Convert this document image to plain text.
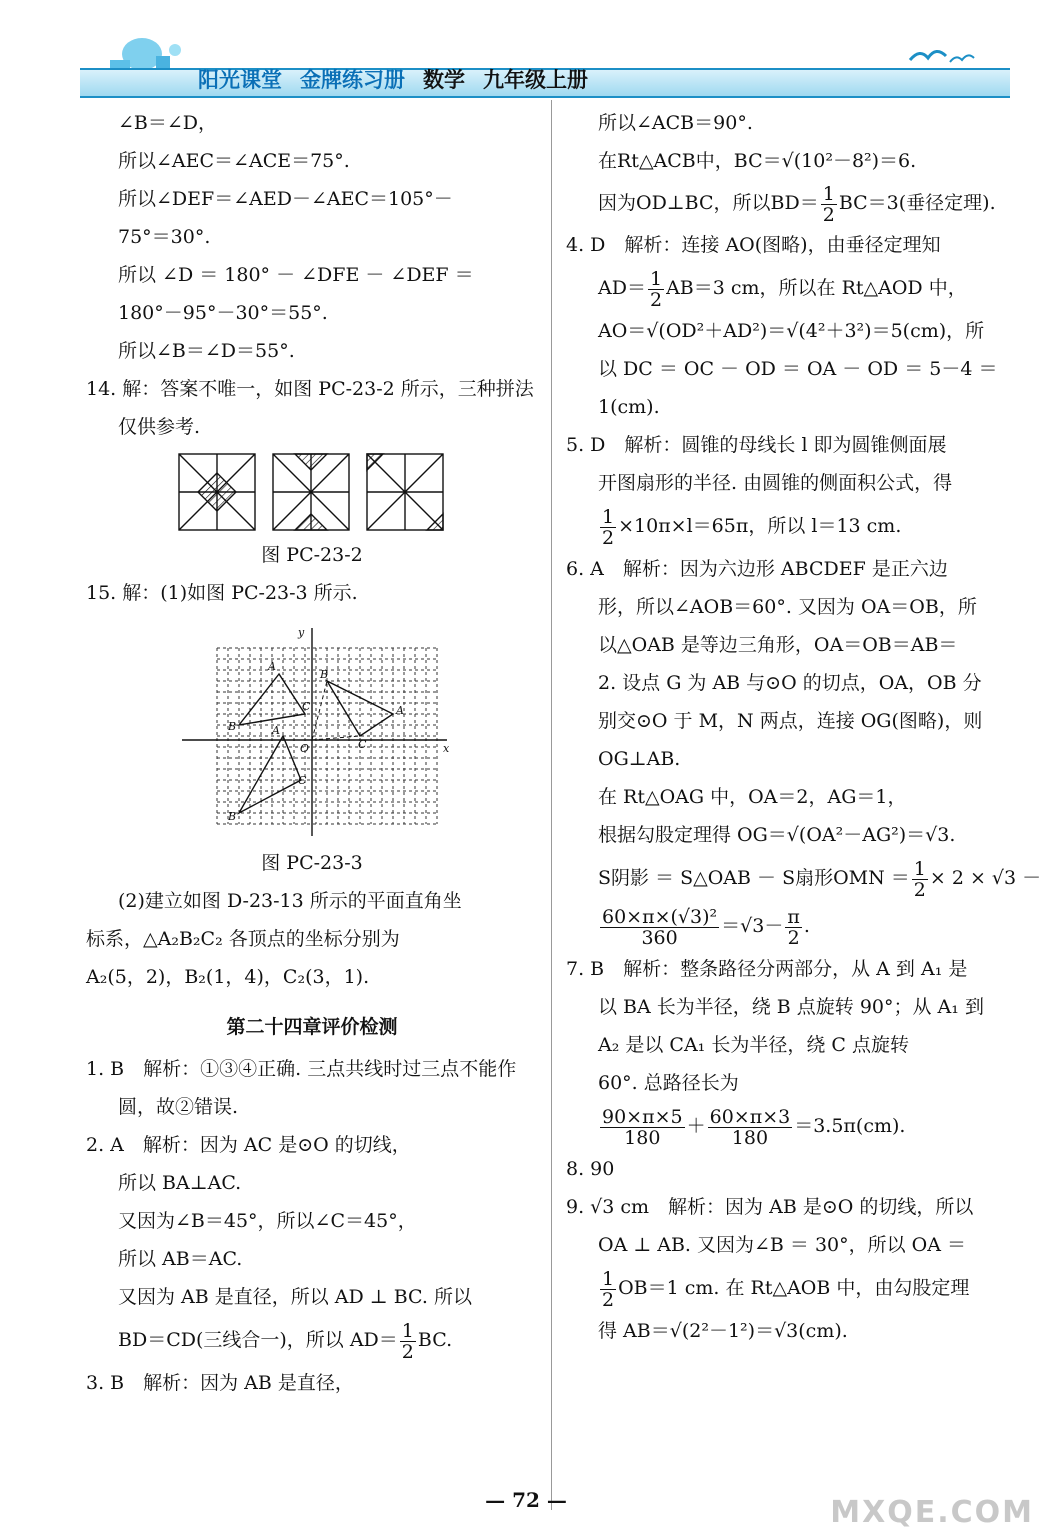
阳光课堂 金牌练习册 数学 九年级上册

∠B＝∠D，

所以∠AEC＝∠ACE＝75°.

所以∠DEF＝∠AED－∠AEC＝105°－

75°＝30°.

所以 ∠D ＝ 180° － ∠DFE － ∠DEF ＝

180°－95°－30°＝55°.

所以∠B＝∠D＝55°.

14. 解：答案不唯一，如图 PC-23-2 所示，三种拼法仅供参考.

图 PC-23-2

15. 解：(1)如图 PC-23-3 所示.

A
B
C
B
A
C
A
B
C
O	x
y

图 PC-23-3

(2)建立如图 D-23-13 所示的平面直角坐

标系，△A₂B₂C₂ 各顶点的坐标分别为

A₂(5，2)，B₂(1，4)，C₂(3，1).

第二十四章评价检测

1. B　解析：①③④正确. 三点共线时过三点不能作圆，故②错误.

2. A　解析：因为 AC 是⊙O 的切线，

所以 BA⊥AC.

又因为∠B＝45°，所以∠C＝45°，

所以 AB＝AC.

又因为 AB 是直径，所以 AD ⊥ BC. 所以

BD＝CD(三线合一)，所以 $AD= \frac{1}{2}$ BC.

3. B　解析：因为 AB 是直径，

所以∠ACB＝90°.

在Rt△ACB中，BC＝√(10²－8²)＝6.

因为OD⊥BC，所以$BD= \frac{1}{2} BC=3$(垂径定理).

4. D　解析：连接 AO(图略)，由垂径定理知

$AD= \frac{1}{2} AB=3$ cm，所以在 Rt△AOD 中，

AO＝√(OD²＋AD²)＝√(4²＋3²)＝5(cm)，所

以 DC ＝ OC － OD ＝ OA － OD ＝ 5－4 ＝

1(cm).

5. D　解析：圆锥的母线长 l 即为圆锥侧面展

开图扇形的半径. 由圆锥的侧面积公式，得

$\frac{1}{2} \times 10\pi\times l=65\pi$，所以 l＝13 cm.

6. A　解析：因为六边形 ABCDEF 是正六边

形，所以∠AOB＝60°. 又因为 OA＝OB，所

以△OAB 是等边三角形，OA＝OB＝AB＝

2. 设点 G 为 AB 与⊙O 的切点，OA，OB 分

别交⊙O 于 M，N 两点，连接 OG(图略)，则

OG⊥AB.

在 Rt△OAG 中，OA＝2，AG＝1，

根据勾股定理得 OG＝√(OA²－AG²)＝√3.

S阴影 ＝ S△OAB － S扇形OMN ＝ $\frac{1}{2} \times 2 \times √3$ －

$\frac{\text{60×π×(√3)²}}{360} =√3- \frac{\pi}{2}$ .

7. B　解析：整条路径分两部分，从 A 到 A₁ 是

以 BA 长为半径，绕 B 点旋转 90°；从 A₁ 到

A₂ 是以 CA₁ 长为半径，绕 C 点旋转

60°. 总路径长为

$\frac{90\times\pi\times 5}{180} + \frac{60\times\pi\times 3}{180} =3.5\pi(cm)$.

8. 90

9. √3 cm　解析：因为 AB 是⊙O 的切线，所以

OA ⊥ AB. 又因为∠B ＝ 30°，所以 OA ＝

$\frac{1}{2} OB=1$ cm. 在 Rt△AOB 中，由勾股定理

得 AB＝√(2²－1²)＝√3(cm).

— 72 —	MXQE.COM
